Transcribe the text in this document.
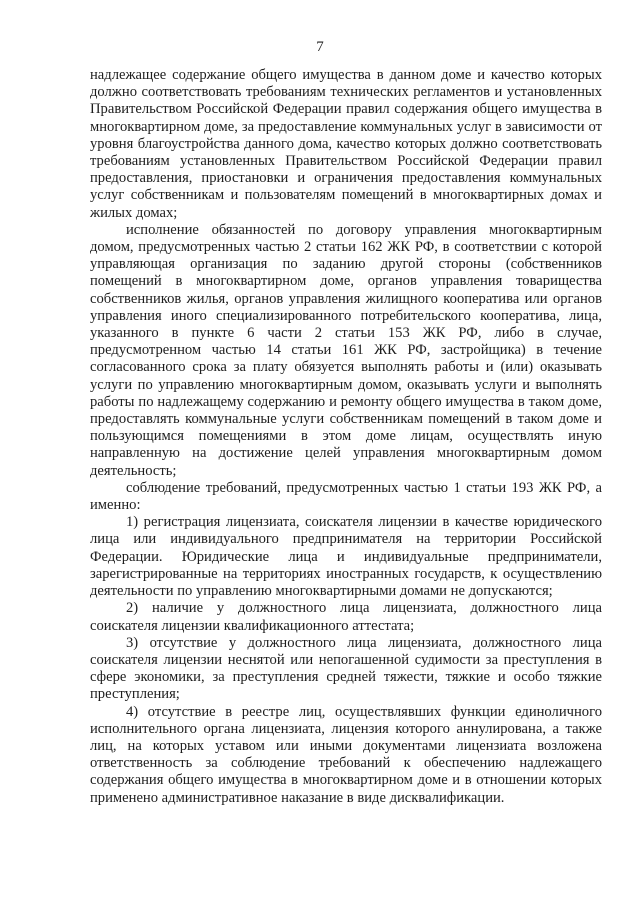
7

надлежащее содержание общего имущества в данном доме и качество которых должно соответствовать требованиям технических регламентов и установленных Правительством Российской Федерации правил содержания общего имущества в многоквартирном доме, за предоставление коммунальных услуг в зависимости от уровня благоустройства данного дома, качество которых должно соответствовать требованиям установленных Правительством Российской Федерации правил предоставления, приостановки и ограничения предоставления коммунальных услуг собственникам и пользователям помещений в многоквартирных домах и жилых домах;

исполнение обязанностей по договору управления многоквартирным домом, предусмотренных частью 2 статьи 162 ЖК РФ, в соответствии с которой управляющая организация по заданию другой стороны (собственников помещений в многоквартирном доме, органов управления товарищества собственников жилья, органов управления жилищного кооператива или органов управления иного специализированного потребительского кооператива, лица, указанного в пункте 6 части 2 статьи 153 ЖК РФ, либо в случае, предусмотренном частью 14 статьи 161 ЖК РФ, застройщика) в течение согласованного срока за плату обязуется выполнять работы и (или) оказывать услуги по управлению многоквартирным домом, оказывать услуги и выполнять работы по надлежащему содержанию и ремонту общего имущества в таком доме, предоставлять коммунальные услуги собственникам помещений в таком доме и пользующимся помещениями в этом доме лицам, осуществлять иную направленную на достижение целей управления многоквартирным домом деятельность;

соблюдение требований, предусмотренных частью 1 статьи 193 ЖК РФ, а именно:

1) регистрация лицензиата, соискателя лицензии в качестве юридического лица или индивидуального предпринимателя на территории Российской Федерации. Юридические лица и индивидуальные предприниматели, зарегистрированные на территориях иностранных государств, к осуществлению деятельности по управлению многоквартирными домами не допускаются;

2) наличие у должностного лица лицензиата, должностного лица соискателя лицензии квалификационного аттестата;

3) отсутствие у должностного лица лицензиата, должностного лица соискателя лицензии неснятой или непогашенной судимости за преступления в сфере экономики, за преступления средней тяжести, тяжкие и особо тяжкие преступления;

4) отсутствие в реестре лиц, осуществлявших функции единоличного исполнительного органа лицензиата, лицензия которого аннулирована, а также лиц, на которых уставом или иными документами лицензиата возложена ответственность за соблюдение требований к обеспечению надлежащего содержания общего имущества в многоквартирном доме и в отношении которых применено административное наказание в виде дисквалификации.
